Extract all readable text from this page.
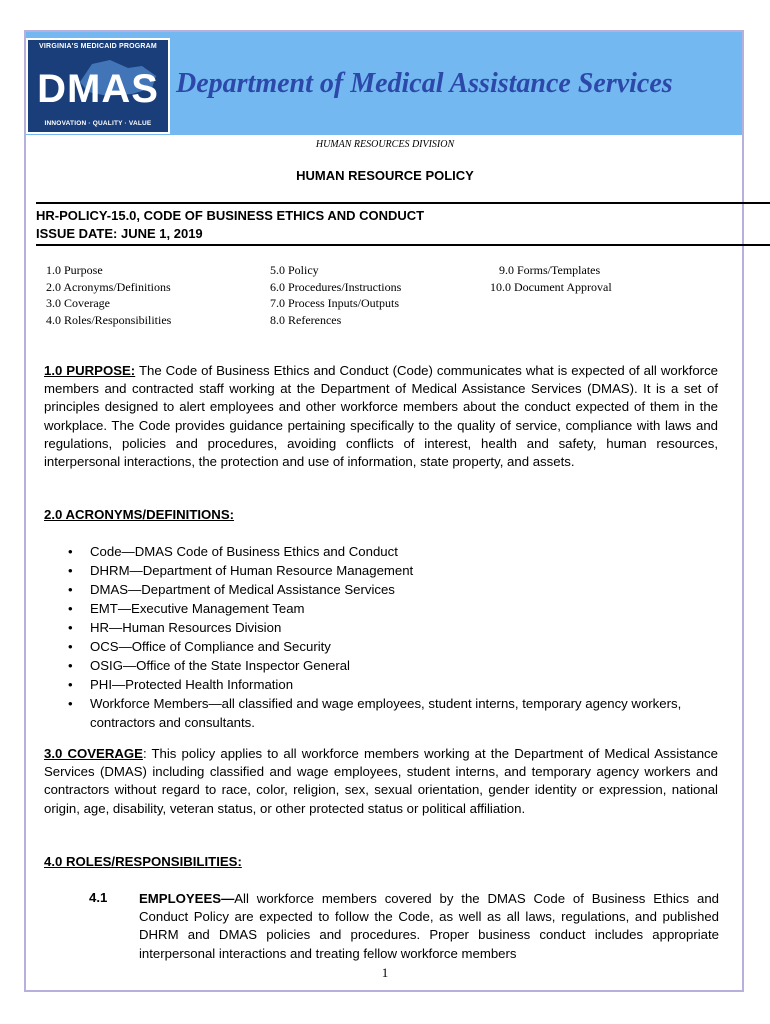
VIRGINIA'S MEDICAID PROGRAM
DMAS
INNOVATION · QUALITY · VALUE
Department of Medical Assistance Services
HUMAN RESOURCES DIVISION
HUMAN RESOURCE POLICY
HR-POLICY-15.0, CODE OF BUSINESS ETHICS AND CONDUCT
ISSUE DATE: JUNE 1, 2019
1.0 Purpose
2.0 Acronyms/Definitions
3.0 Coverage
4.0 Roles/Responsibilities
5.0 Policy
6.0 Procedures/Instructions
7.0 Process Inputs/Outputs
8.0 References
9.0 Forms/Templates
10.0 Document Approval
1.0 PURPOSE: The Code of Business Ethics and Conduct (Code) communicates what is expected of all workforce members and contracted staff working at the Department of Medical Assistance Services (DMAS). It is a set of principles designed to alert employees and other workforce members about the conduct expected of them in the workplace. The Code provides guidance pertaining specifically to the quality of service, compliance with laws and regulations, policies and procedures, avoiding conflicts of interest, health and safety, human resources, interpersonal interactions, the protection and use of information, state property, and assets.
2.0 ACRONYMS/DEFINITIONS:
• Code—DMAS Code of Business Ethics and Conduct
• DHRM—Department of Human Resource Management
• DMAS—Department of Medical Assistance Services
• EMT—Executive Management Team
• HR—Human Resources Division
• OCS—Office of Compliance and Security
• OSIG—Office of the State Inspector General
• PHI—Protected Health Information
• Workforce Members—all classified and wage employees, student interns, temporary agency workers, contractors and consultants.
3.0 COVERAGE: This policy applies to all workforce members working at the Department of Medical Assistance Services (DMAS) including classified and wage employees, student interns, and temporary agency workers and contractors without regard to race, color, religion, sex, sexual orientation, gender identity or expression, national origin, age, disability, veteran status, or other protected status or political affiliation.
4.0 ROLES/RESPONSIBILITIES:
4.1 EMPLOYEES—All workforce members covered by the DMAS Code of Business Ethics and Conduct Policy are expected to follow the Code, as well as all laws, regulations, and published DHRM and DMAS policies and procedures. Proper business conduct includes appropriate interpersonal interactions and treating fellow workforce members
1
